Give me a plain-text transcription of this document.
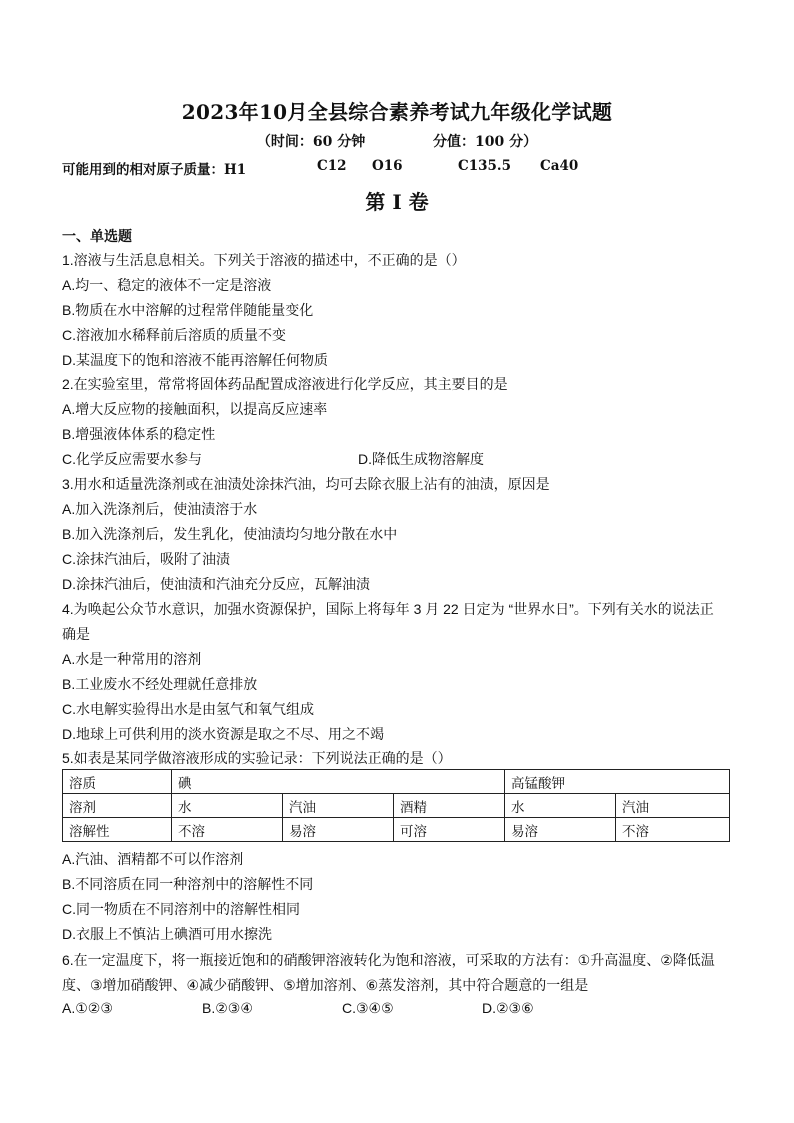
2023年10月全县综合素养考试九年级化学试题
（时间：60 分钟	分值：100 分）
可能用到的相对原子质量：H1	C12 O16	C135.5 Ca40
第 I 卷
一、单选题
1.溶液与生活息息相关。下列关于溶液的描述中，不正确的是（）
A.均一、稳定的液体不一定是溶液
B.物质在水中溶解的过程常伴随能量变化
C.溶液加水稀释前后溶质的质量不变
D.某温度下的饱和溶液不能再溶解任何物质
2.在实验室里，常常将固体药品配置成溶液进行化学反应，其主要目的是
A.增大反应物的接触面积，以提高反应速率
B.增强液体体系的稳定性
C.化学反应需要水参与	D.降低生成物溶解度
3.用水和适量洗涤剂或在油渍处涂抹汽油，均可去除衣服上沾有的油渍，原因是
A.加入洗涤剂后，使油渍溶于水
B.加入洗涤剂后，发生乳化，使油渍均匀地分散在水中
C.涂抹汽油后，吸附了油渍
D.涂抹汽油后，使油渍和汽油充分反应，瓦解油渍
4.为唤起公众节水意识，加强水资源保护，国际上将每年 3 月 22 日定为 “世界水日”。下列有关水的说法正
确是
A.水是一种常用的溶剂
B.工业废水不经处理就任意排放
C.水电解实验得出水是由氢气和氧气组成
D.地球上可供利用的淡水资源是取之不尽、用之不竭
5.如表是某同学做溶液形成的实验记录：下列说法正确的是（）
溶质	碘			高锰酸钾	
溶剂	水	汽油	酒精	水	汽油
溶解性	不溶	易溶	可溶	易溶	不溶
A.汽油、酒精都不可以作溶剂
B.不同溶质在同一种溶剂中的溶解性不同
C.同一物质在不同溶剂中的溶解性相同
D.衣服上不慎沾上碘酒可用水擦洗
6.在一定温度下，将一瓶接近饱和的硝酸钾溶液转化为饱和溶液，可采取的方法有：①升高温度、②降低温
度、③增加硝酸钾、④减少硝酸钾、⑤增加溶剂、⑥蒸发溶剂，其中符合题意的一组是
A.①②③	B.②③④	C.③④⑤	D.②③⑥
